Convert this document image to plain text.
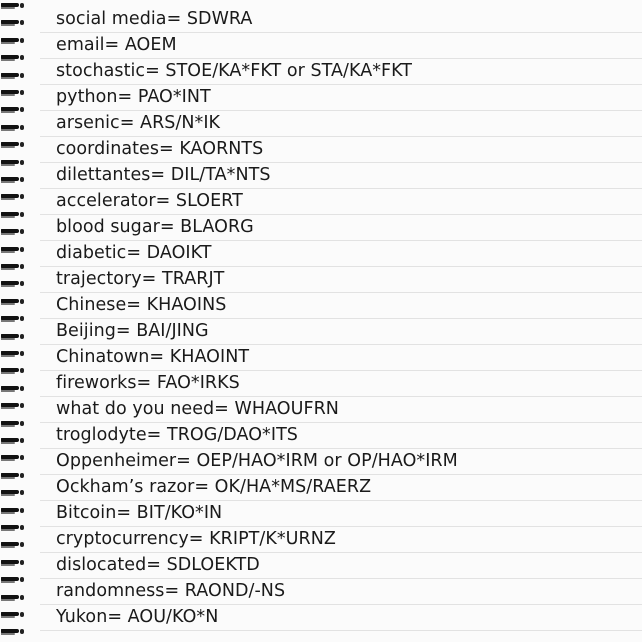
social media= SDWRA
email= AOEM
stochastic= STOE/KA*FKT or STA/KA*FKT
python= PAO*INT
arsenic= ARS/N*IK
coordinates= KAORNTS
dilettantes= DIL/TA*NTS
accelerator= SLOERT
blood sugar= BLAORG
diabetic= DAOIKT
trajectory= TRARJT
Chinese= KHAOINS
Beijing= BAI/JING
Chinatown= KHAOINT
fireworks= FAO*IRKS
what do you need= WHAOUFRN
troglodyte= TROG/DAO*ITS
Oppenheimer= OEP/HAO*IRM or OP/HAO*IRM
Ockham’s razor= OK/HA*MS/RAERZ
Bitcoin= BIT/KO*IN
cryptocurrency= KRIPT/K*URNZ
dislocated= SDLOEKTD
randomness= RAOND/-NS
Yukon= AOU/KO*N
